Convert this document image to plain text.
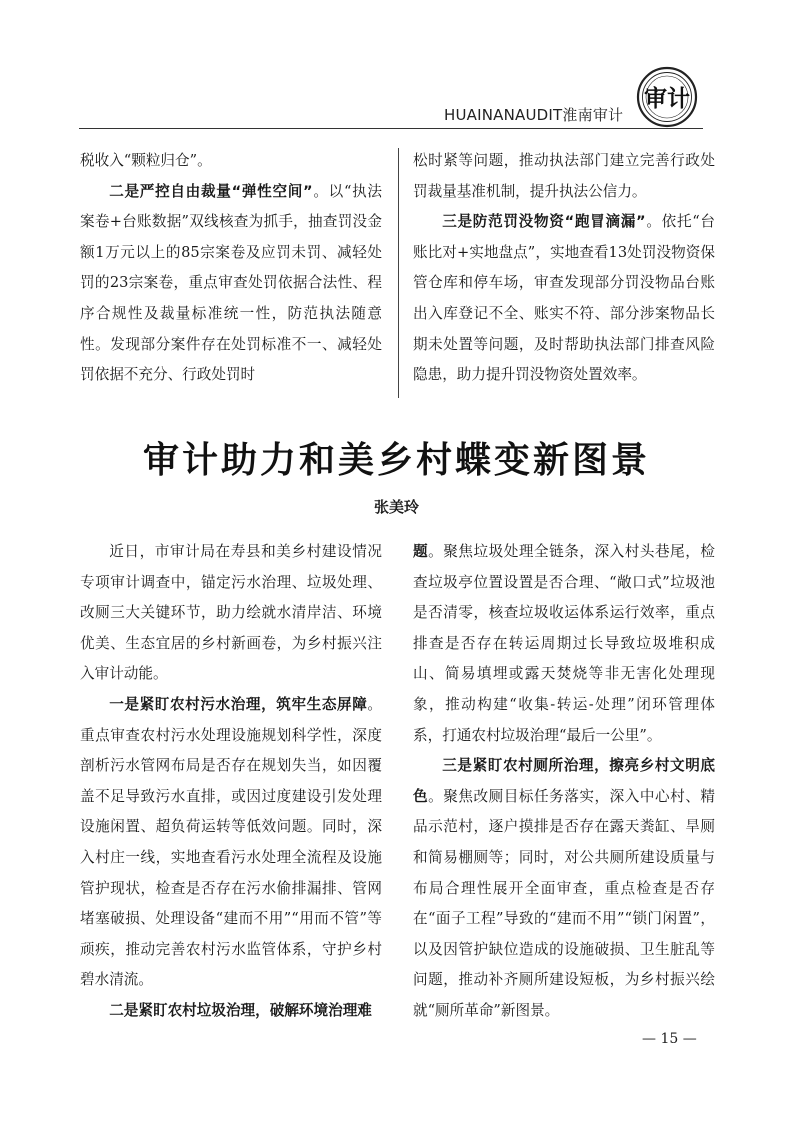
HUAINANAUDIT淮南审计
审计

税收入“颗粒归仓”。

二是严控自由裁量“弹性空间”。以“执法案卷+台账数据”双线核查为抓手，抽查罚没金额1万元以上的85宗案卷及应罚未罚、减轻处罚的23宗案卷，重点审查处罚依据合法性、程序合规性及裁量标准统一性，防范执法随意性。发现部分案件存在处罚标准不一、减轻处罚依据不充分、行政处罚时

松时紧等问题，推动执法部门建立完善行政处罚裁量基准机制，提升执法公信力。

三是防范罚没物资“跑冒滴漏”。依托“台账比对+实地盘点”，实地查看13处罚没物资保管仓库和停车场，审查发现部分罚没物品台账出入库登记不全、账实不符、部分涉案物品长期未处置等问题，及时帮助执法部门排查风险隐患，助力提升罚没物资处置效率。

审计助力和美乡村蝶变新图景
张美玲

近日，市审计局在寿县和美乡村建设情况专项审计调查中，锚定污水治理、垃圾处理、改厕三大关键环节，助力绘就水清岸洁、环境优美、生态宜居的乡村新画卷，为乡村振兴注入审计动能。

一是紧盯农村污水治理，筑牢生态屏障。重点审查农村污水处理设施规划科学性，深度剖析污水管网布局是否存在规划失当，如因覆盖不足导致污水直排，或因过度建设引发处理设施闲置、超负荷运转等低效问题。同时，深入村庄一线，实地查看污水处理全流程及设施管护现状，检查是否存在污水偷排漏排、管网堵塞破损、处理设备“建而不用”“用而不管”等顽疾，推动完善农村污水监管体系，守护乡村碧水清流。

二是紧盯农村垃圾治理，破解环境治理难

题。聚焦垃圾处理全链条，深入村头巷尾，检查垃圾亭位置设置是否合理、“敞口式”垃圾池是否清零，核查垃圾收运体系运行效率，重点排查是否存在转运周期过长导致垃圾堆积成山、简易填埋或露天焚烧等非无害化处理现象，推动构建“收集-转运-处理”闭环管理体系，打通农村垃圾治理“最后一公里”。

三是紧盯农村厕所治理，擦亮乡村文明底色。聚焦改厕目标任务落实，深入中心村、精品示范村，逐户摸排是否存在露天粪缸、旱厕和简易棚厕等；同时，对公共厕所建设质量与布局合理性展开全面审查，重点检查是否存在“面子工程”导致的“建而不用”“锁门闲置”，以及因管护缺位造成的设施破损、卫生脏乱等问题，推动补齐厕所建设短板，为乡村振兴绘就“厕所革命”新图景。

— 15 —
